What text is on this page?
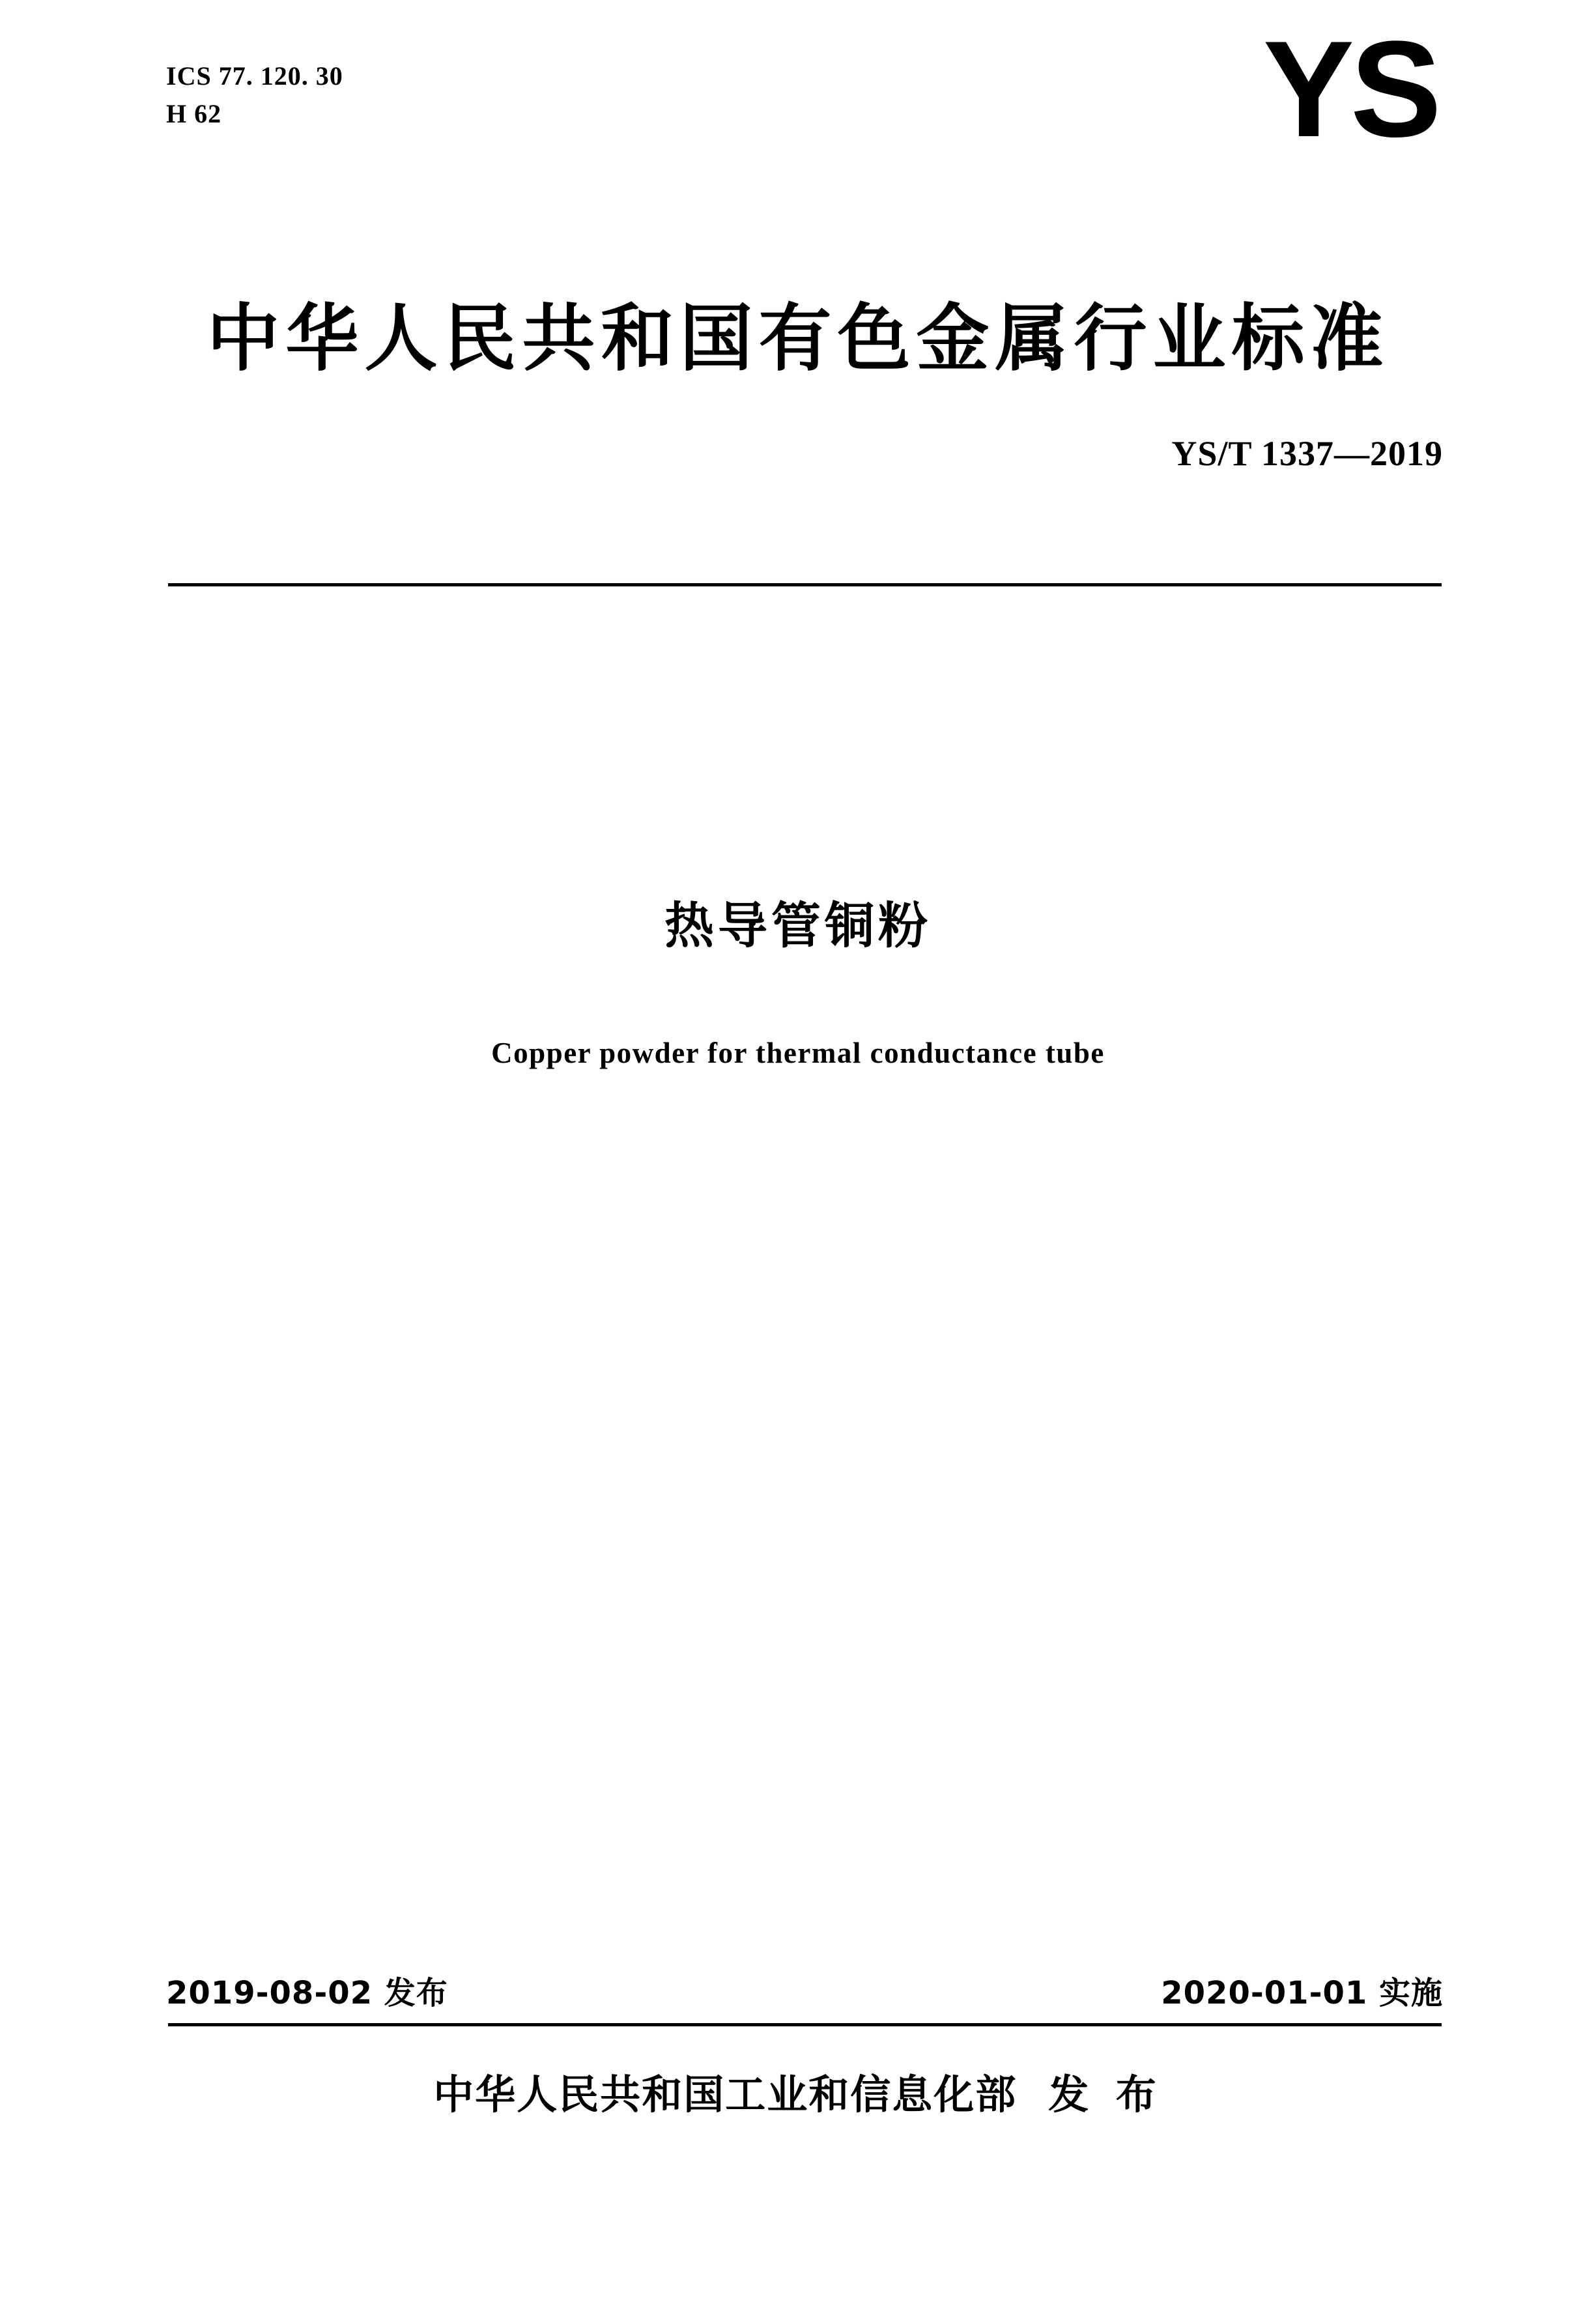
ICS 77. 120. 30
H 62	YS
中华人民共和国有色金属行业标准
YS/T 1337—2019
热导管铜粉
Copper powder for thermal conductance tube
2019-08-02 发布	2020-01-01 实施
中华人民共和国工业和信息化部 发 布
